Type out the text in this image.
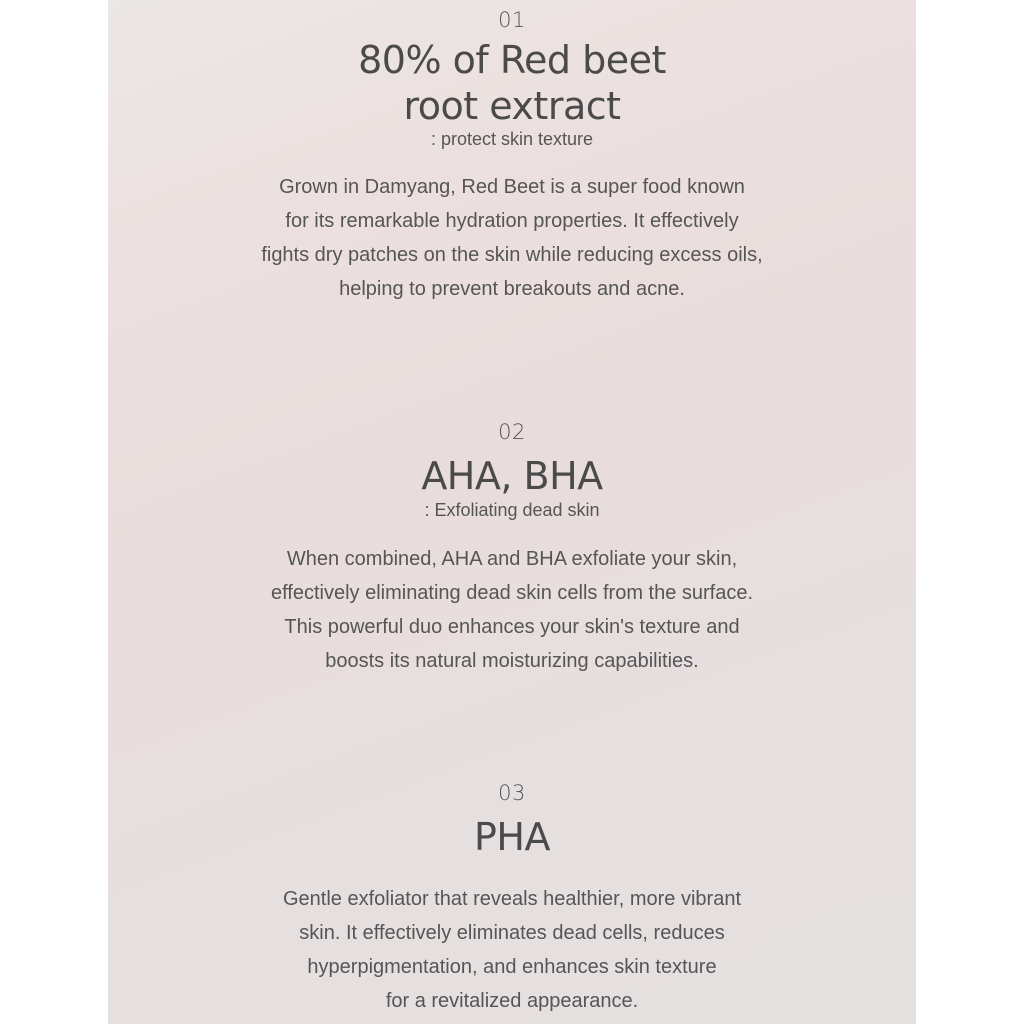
01
80% of Red beet
root extract
: protect skin texture
Grown in Damyang, Red Beet is a super food known
for its remarkable hydration properties. It effectively
fights dry patches on the skin while reducing excess oils,
helping to prevent breakouts and acne.
02
AHA, BHA
: Exfoliating dead skin
When combined, AHA and BHA exfoliate your skin,
effectively eliminating dead skin cells from the surface.
This powerful duo enhances your skin's texture and
boosts its natural moisturizing capabilities.
03
PHA
Gentle exfoliator that reveals healthier, more vibrant
skin. It effectively eliminates dead cells, reduces
hyperpigmentation, and enhances skin texture
for a revitalized appearance.
